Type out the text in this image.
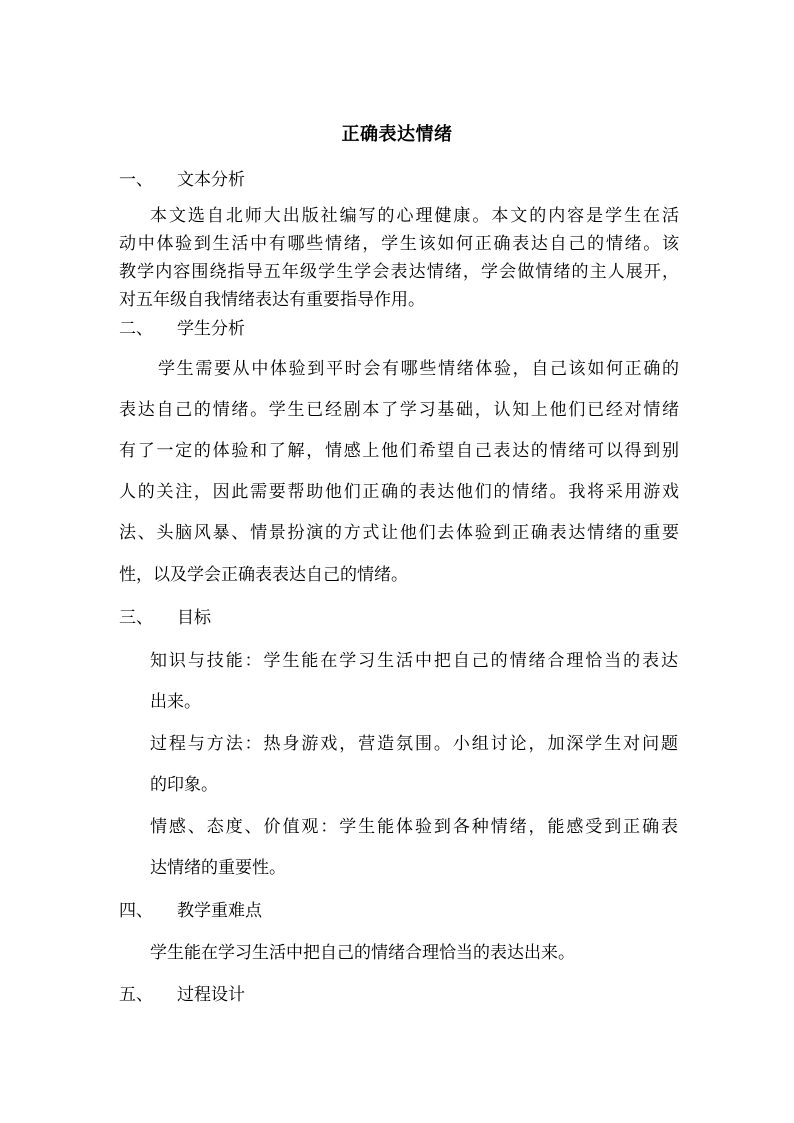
正确表达情绪
一、 文本分析
本文选自北师大出版社编写的心理健康。本文的内容是学生在活
动中体验到生活中有哪些情绪，学生该如何正确表达自己的情绪。该
教学内容围绕指导五年级学生学会表达情绪，学会做情绪的主人展开，
对五年级自我情绪表达有重要指导作用。
二、 学生分析
学生需要从中体验到平时会有哪些情绪体验，自己该如何正确的
表达自己的情绪。学生已经剧本了学习基础，认知上他们已经对情绪
有了一定的体验和了解，情感上他们希望自己表达的情绪可以得到别
人的关注，因此需要帮助他们正确的表达他们的情绪。我将采用游戏
法、头脑风暴、情景扮演的方式让他们去体验到正确表达情绪的重要
性，以及学会正确表表达自己的情绪。
三、 目标
知识与技能：学生能在学习生活中把自己的情绪合理恰当的表达
出来。
过程与方法：热身游戏，营造氛围。小组讨论，加深学生对问题
的印象。
情感、态度、价值观：学生能体验到各种情绪，能感受到正确表
达情绪的重要性。
四、 教学重难点
学生能在学习生活中把自己的情绪合理恰当的表达出来。
五、 过程设计
